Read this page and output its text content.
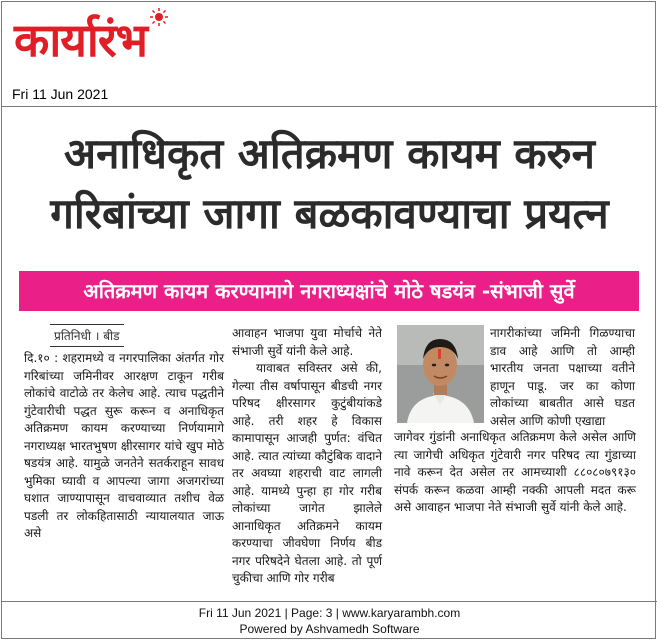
कार्यारंभ
Fri 11 Jun 2021
अनाधिकृत अतिक्रमण कायम करुन
गरिबांच्या जागा बळकावण्याचा प्रयत्न
अतिक्रमण कायम करण्यामागे नगराध्यक्षांचे मोठे षडयंत्र -संभाजी सुर्वे
प्रतिनिधी । बीड

दि.१० : शहरामध्ये व नगरपालिका अंतर्गत गोर गरिबांच्या जमिनीवर आरक्षण टाकून गरीब लोकांचे वाटोळे तर केलेच आहे. त्याच पद्धतीने गुंटेवारीची पद्धत सुरू करून व अनाधिकृत अतिक्रमण कायम करण्याच्या निर्णयामागे नगराध्यक्ष भारतभुषण क्षीरसागर यांचे खुप मोठे षडयंत्र आहे. यामुळे जनतेने सतर्कराहून सावध भुमिका घ्यावी व आपल्या जागा अजगरांच्या घशात जाण्यापासून वाचवाव्यात तशीच वेळ पडली तर लोकहितासाठी न्यायालयात जाऊ असे

आवाहन भाजपा युवा मोर्चाचे नेते संभाजी सुर्वे यांनी केले आहे.

यावाबत सविस्तर असे की, गेल्या तीस वर्षापासून बीडची नगर परिषद क्षीरसागर कुटुंबीयांकडे आहे. तरी शहर हे विकास कामापासून आजही पुर्णत: वंचित आहे. त्यात त्यांच्या कौटुंबिक वादाने तर अवघ्या शहराची वाट लागली आहे. यामध्ये पुन्हा हा गोर गरीब लोकांच्या जागेत झालेले आनाधिकृत अतिक्रमने कायम करण्याचा जीवघेणा निर्णय बीड नगर परिषदेने घेतला आहे. तो पूर्ण चुकीचा आणि गोर गरीब

नागरीकांच्या जमिनी गिळण्याचा डाव आहे आणि तो आम्ही भारतीय जनता पक्षाच्या वतीने हाणून पाडू. जर का कोणा लोकांच्या बाबतीत आसे घडत असेल आणि कोणी एखाद्या

जागेवर गुंडांनी अनाधिकृत अतिक्रमण केले असेल आणि त्या जागेची अधिकृत गुंटेवारी नगर परिषद त्या गुंडाच्या नावे करून देत असेल तर आमच्याशी ८८०८०७९१३० संपर्क करून कळवा आम्ही नक्की आपली मदत करू असे आवाहन भाजपा नेते संभाजी सुर्वे यांनी केले आहे.

Fri 11 Jun 2021 | Page: 3 | www.karyarambh.com
Powered by Ashvamedh Software
